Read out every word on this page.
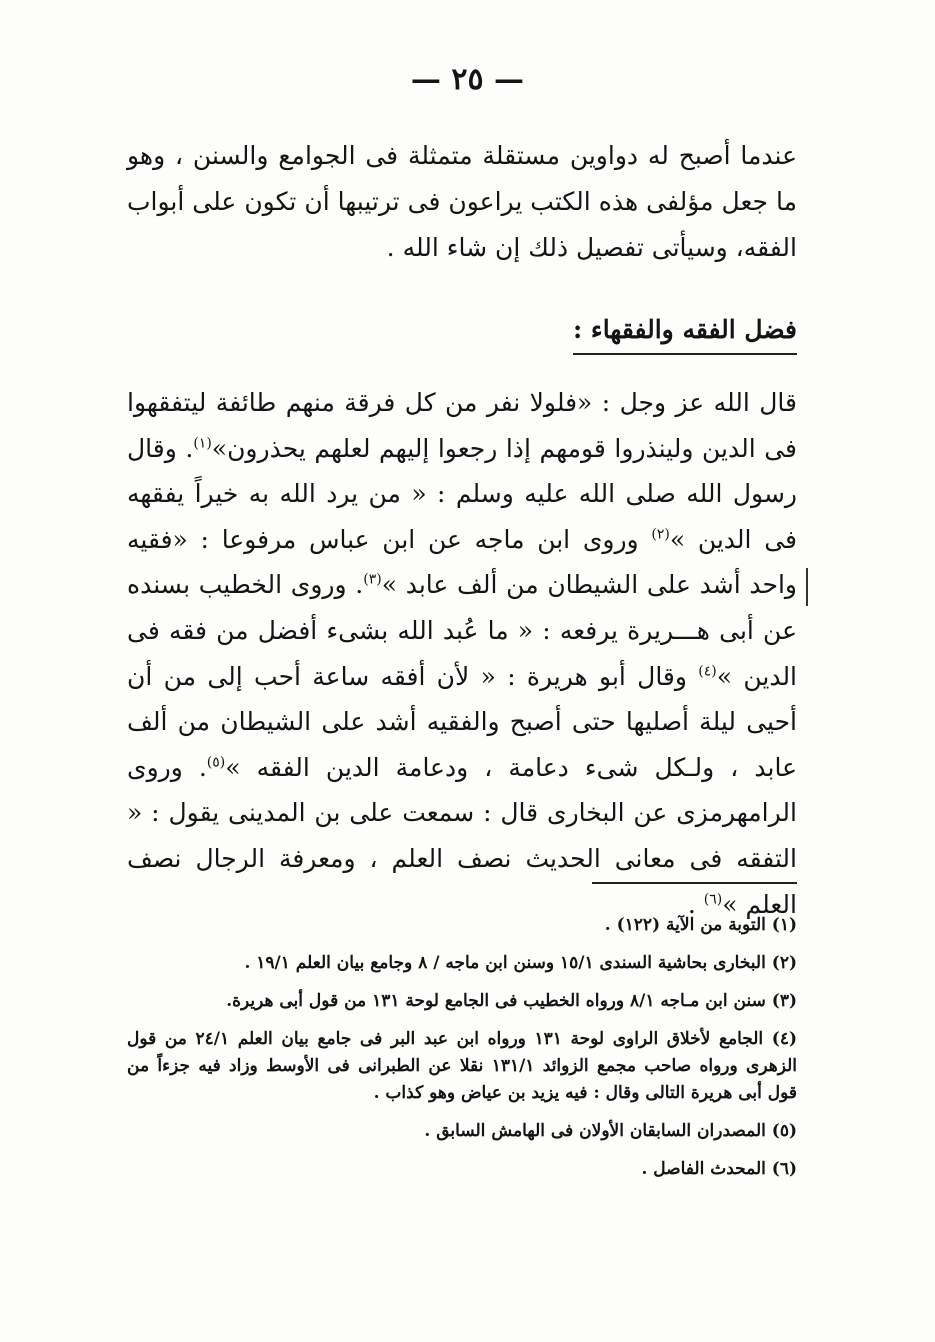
— ٢٥ —

عندما أصبح له دواوين مستقلة متمثلة فى الجوامع والسنن ، وهو ما جعل مؤلفى هذه الكتب يراعون فى ترتيبها أن تكون على أبواب الفقه، وسيأتى تفصيل ذلك إن شاء الله .

فضل الفقه والفقهاء :

قال الله عز وجل : «فلولا نفر من كل فرقة منهم طائفة ليتفقهوا فى الدين ولينذروا قومهم إذا رجعوا إليهم لعلهم يحذرون»$^{(١)}$. وقال رسول الله صلى الله عليه وسلم : « من يرد الله به خيراً يفقهه فى الدين »$^{(٢)}$ وروى ابن ماجه عن ابن عباس مرفوعا : «فقيه واحد أشد على الشيطان من ألف عابد »$^{(٣)}$. وروى الخطيب بسنده عن أبى هـــريرة يرفعه : « ما عُبد الله بشىء أفضل من فقه فى الدين »$^{(٤)}$ وقال أبو هريرة : « لأن أفقه ساعة أحب إلى من أن أحيى ليلة أصليها حتى أصبح والفقيه أشد على الشيطان من ألف عابد ، ولـكل شىء دعامة ، ودعامة الدين الفقه »$^{(٥)}$. وروى الرامهرمزى عن البخارى قال : سمعت على بن المدينى يقول : « التفقه فى معانى الحديث نصف العلم ، ومعرفة الرجال نصف العلم »$^{(٦)}$ .

(١) التوبة من الآية (١٢٢) .

(٢) البخارى بحاشية السندى ١٥/١ وسنن ابن ماجه / ٨ وجامع بيان العلم ١٩/١ .

(٣) سنن ابن مـاجه ٨/١ ورواه الخطيب فى الجامع لوحة ١٣١ من قول أبى هريرة.

(٤) الجامع لأخلاق الراوى لوحة ١٣١ ورواه ابن عبد البر فى جامع بيان العلم ٢٤/١ من قول الزهرى ورواه صاحب مجمع الزوائد ١٣١/١ نقلا عن الطبرانى فى الأوسط وزاد فيه جزءاً من قول أبى هريرة التالى وقال : فيه يزيد بن عياض وهو كذاب .

(٥) المصدران السابقان الأولان فى الهامش السابق .

(٦) المحدث الفاصل .
